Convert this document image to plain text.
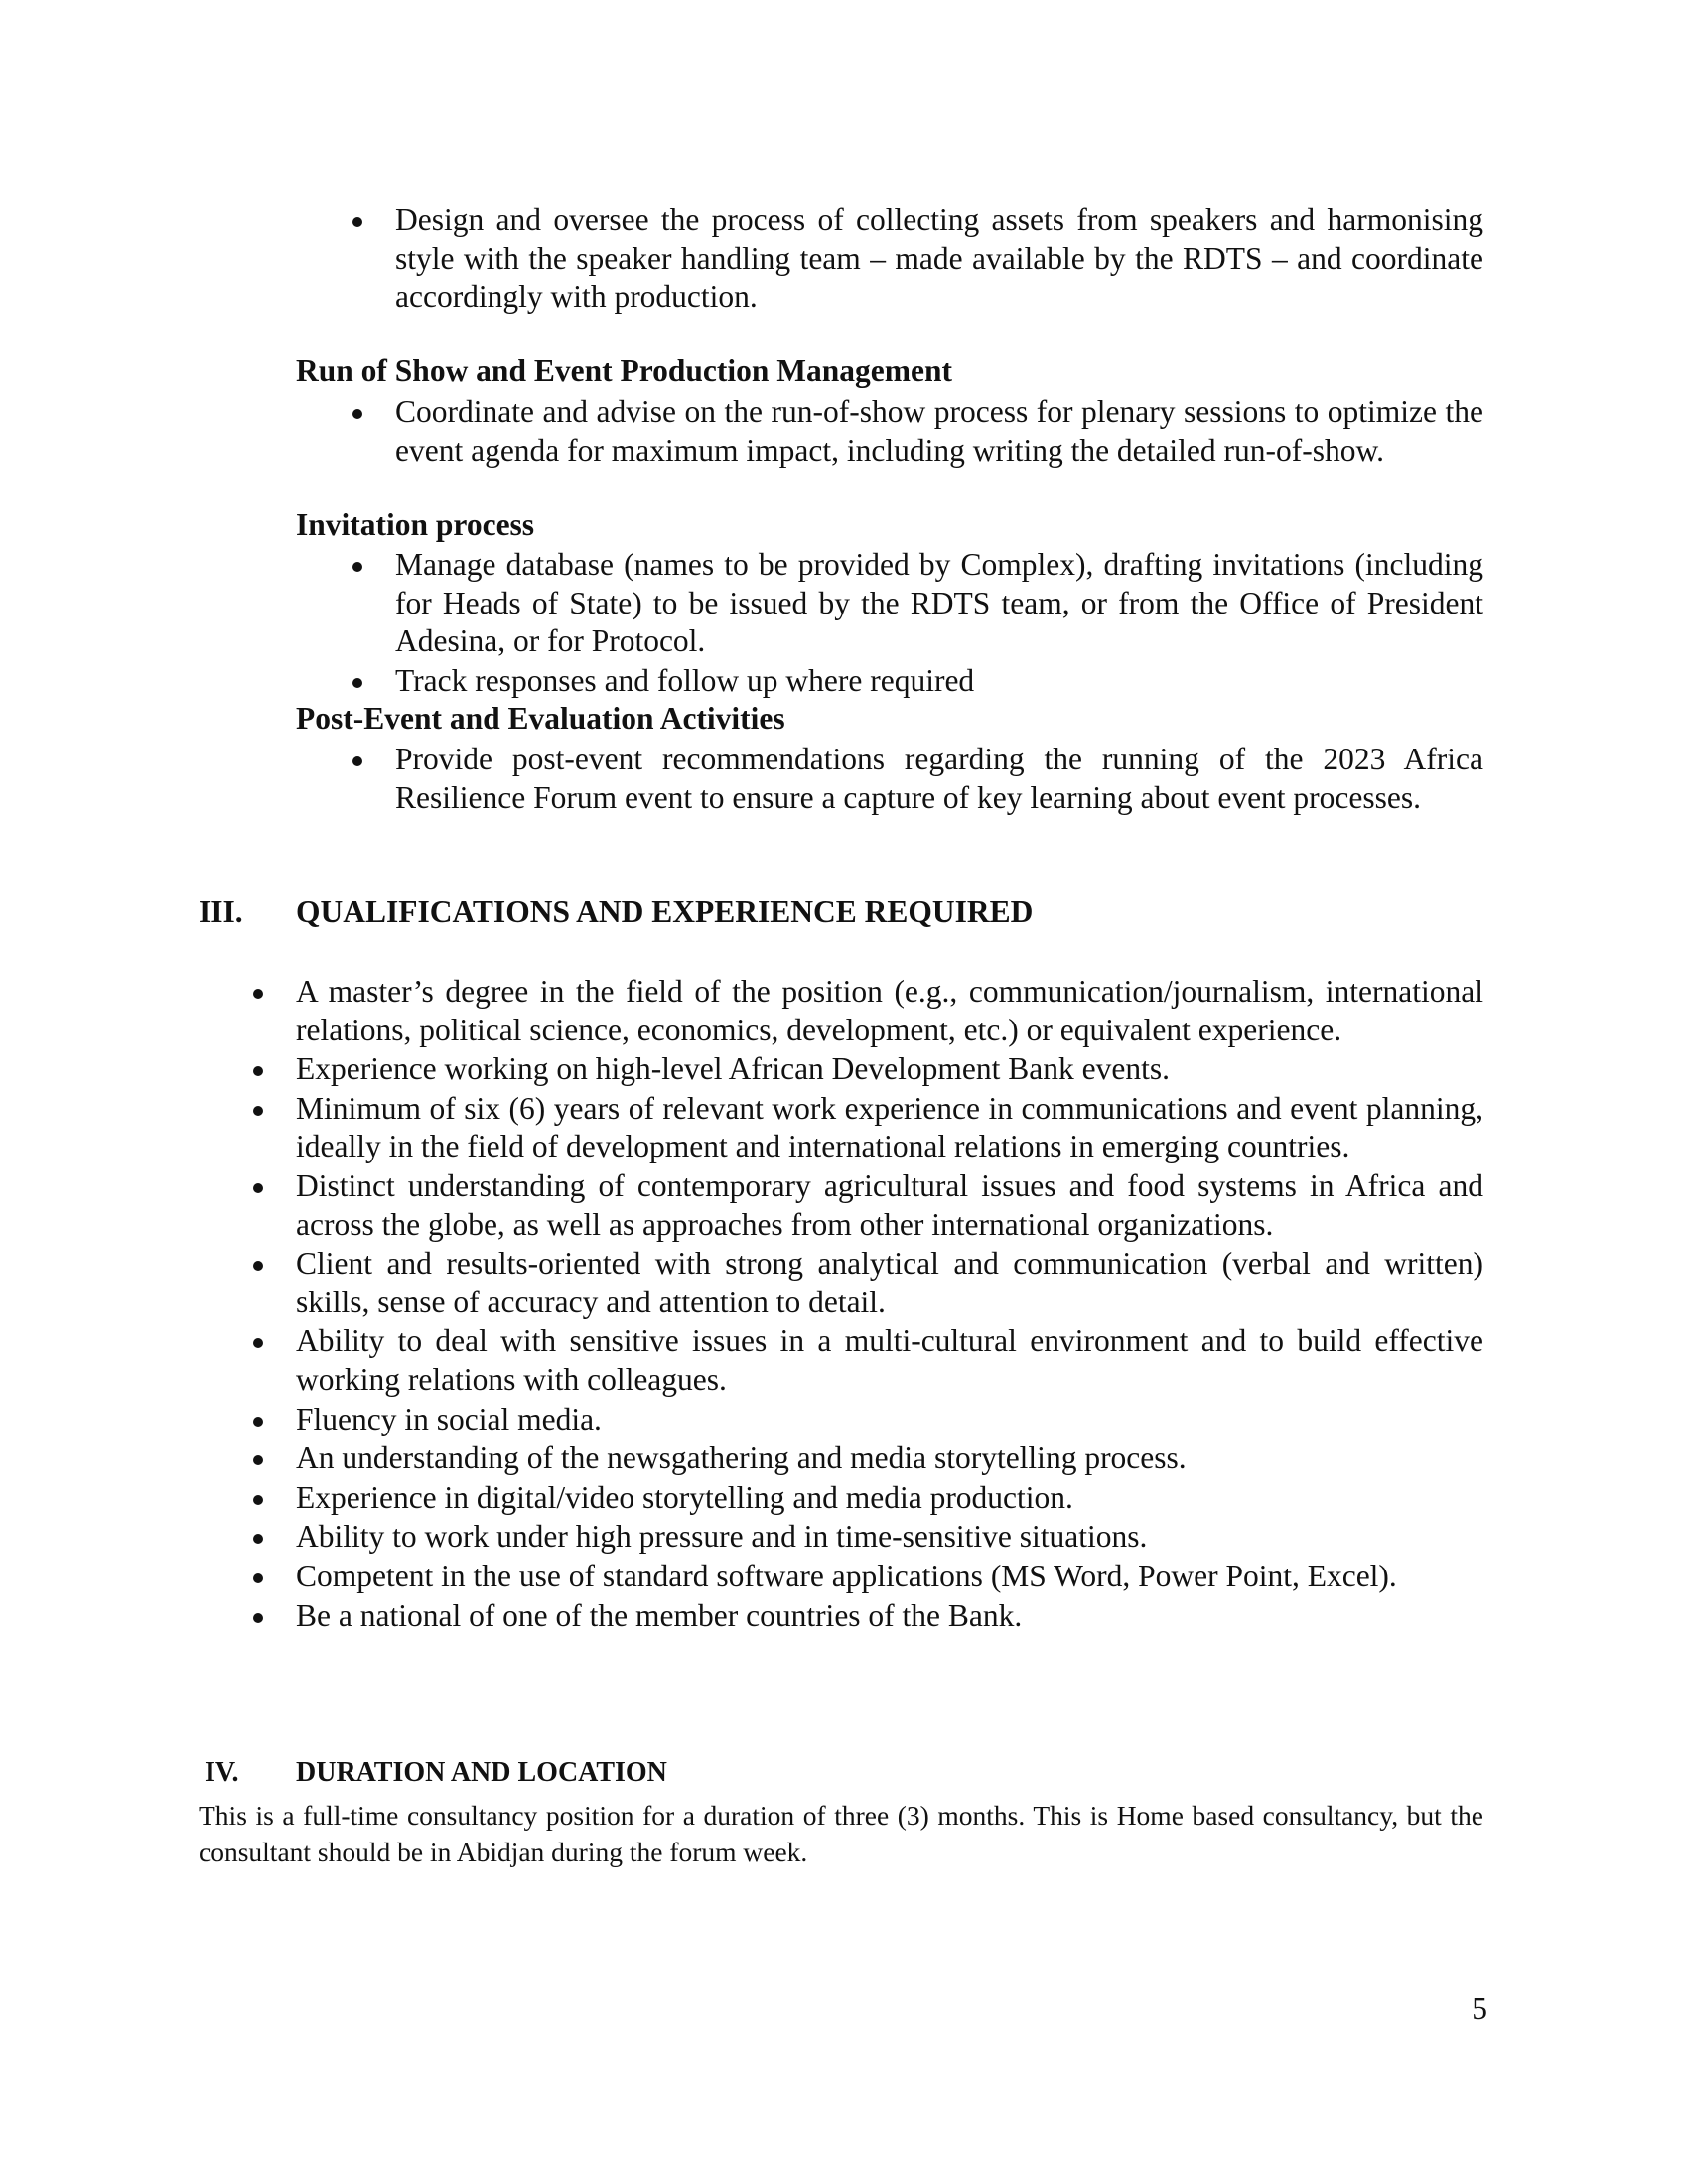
Design and oversee the process of collecting assets from speakers and harmonising style with the speaker handling team – made available by the RDTS – and coordinate accordingly with production.
Run of Show and Event Production Management
Coordinate and advise on the run-of-show process for plenary sessions to optimize the event agenda for maximum impact, including writing the detailed run-of-show.
Invitation process
Manage database (names to be provided by Complex), drafting invitations (including for Heads of State) to be issued by the RDTS team, or from the Office of President Adesina, or for Protocol.
Track responses and follow up where required
Post-Event and Evaluation Activities
Provide post-event recommendations regarding the running of the 2023 Africa Resilience Forum event to ensure a capture of key learning about event processes.
III. QUALIFICATIONS AND EXPERIENCE REQUIRED
A master’s degree in the field of the position (e.g., communication/journalism, international relations, political science, economics, development, etc.) or equivalent experience.
Experience working on high-level African Development Bank events.
Minimum of six (6) years of relevant work experience in communications and event planning, ideally in the field of development and international relations in emerging countries.
Distinct understanding of contemporary agricultural issues and food systems in Africa and across the globe, as well as approaches from other international organizations.
Client and results-oriented with strong analytical and communication (verbal and written) skills, sense of accuracy and attention to detail.
Ability to deal with sensitive issues in a multi-cultural environment and to build effective working relations with colleagues.
Fluency in social media.
An understanding of the newsgathering and media storytelling process.
Experience in digital/video storytelling and media production.
Ability to work under high pressure and in time-sensitive situations.
Competent in the use of standard software applications (MS Word, Power Point, Excel).
Be a national of one of the member countries of the Bank.
IV. DURATION AND LOCATION
This is a full-time consultancy position for a duration of three (3) months. This is Home based consultancy, but the consultant should be in Abidjan during the forum week.
5
